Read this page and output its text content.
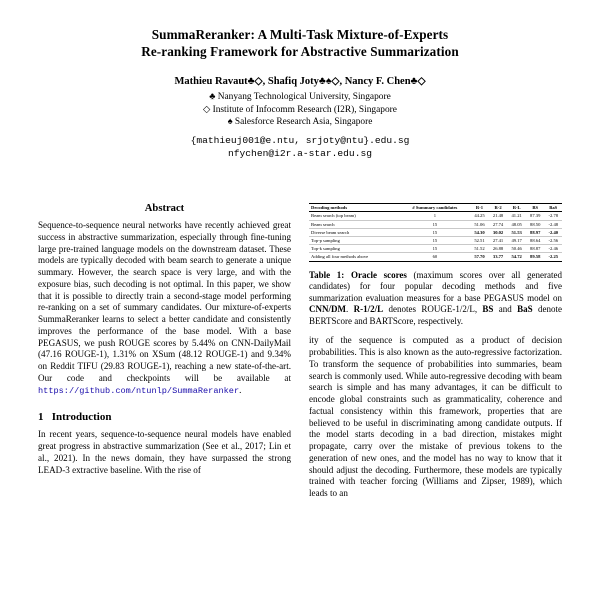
SummaReranker: A Multi-Task Mixture-of-Experts
Re-ranking Framework for Abstractive Summarization
Mathieu Ravaut♣◇, Shafiq Joty♣♠◇, Nancy F. Chen♣◇
♣ Nanyang Technological University, Singapore
◇ Institute of Infocomm Research (I2R), Singapore
♠ Salesforce Research Asia, Singapore
{mathieuj001@e.ntu, srjoty@ntu}.edu.sg
nfychen@i2r.a-star.edu.sg
Abstract

Sequence-to-sequence neural networks have recently achieved great success in abstractive summarization, especially through fine-tuning large pre-trained language models on the downstream dataset. These models are typically decoded with beam search to generate a unique summary. However, the search space is very large, and with the exposure bias, such decoding is not optimal. In this paper, we show that it is possible to directly train a second-stage model performing re-ranking on a set of summary candidates. Our mixture-of-experts SummaReranker learns to select a better candidate and consistently improves the performance of the base model. With a base PEGASUS, we push ROUGE scores by 5.44% on CNN-DailyMail (47.16 ROUGE-1), 1.31% on XSum (48.12 ROUGE-1) and 9.34% on Reddit TIFU (29.83 ROUGE-1), reaching a new state-of-the-art. Our code and checkpoints will be available at https://github.com/ntunlp/SummaReranker.

1 Introduction

In recent years, sequence-to-sequence neural models have enabled great progress in abstractive summarization (See et al., 2017; Lin et al., 2021). In the news domain, they have surpassed the strong LEAD-3 extractive baseline. With the rise of

Decoding methods	# Summary candidates	R-1	R-2	R-L	BS	BaS
Beam search (top beam)	1	44.25	21.48	41.21	87.39	-2.78
Beam search	15	51.06	27.74	48.05	88.50	-2.48
Diverse beam search	15	54.30	30.02	51.53	88.97	-2.40
Top-p sampling	15	52.51	27.41	49.17	88.64	-2.56
Top-k sampling	15	51.52	26.88	50.46	88.87	-2.46
Adding all four methods above	60	57.70	33.77	54.72	89.58	-2.25
Table 1: Oracle scores (maximum scores over all generated candidates) for four popular decoding methods and five summarization evaluation measures for a base PEGASUS model on CNN/DM. R-1/2/L denotes ROUGE-1/2/L, BS and BaS denote BERTScore and BARTScore, respectively.

ity of the sequence is computed as a product of decision probabilities. This is also known as the auto-regressive factorization. To transform the sequence of probabilities into summaries, beam search is commonly used. While auto-regressive decoding with beam search is simple and has many advantages, it can be difficult to encode global constraints such as grammaticality, coherence and factual consistency within this framework, properties that are believed to be useful in discriminating among candidate outputs. If the model starts decoding in a bad direction, mistakes might propagate, carry over the mistake of previous tokens to the generation of new ones, and the model has no way to know that it should adjust the decoding. Furthermore, these models are typically trained with teacher forcing (Williams and Zipser, 1989), which leads to an
